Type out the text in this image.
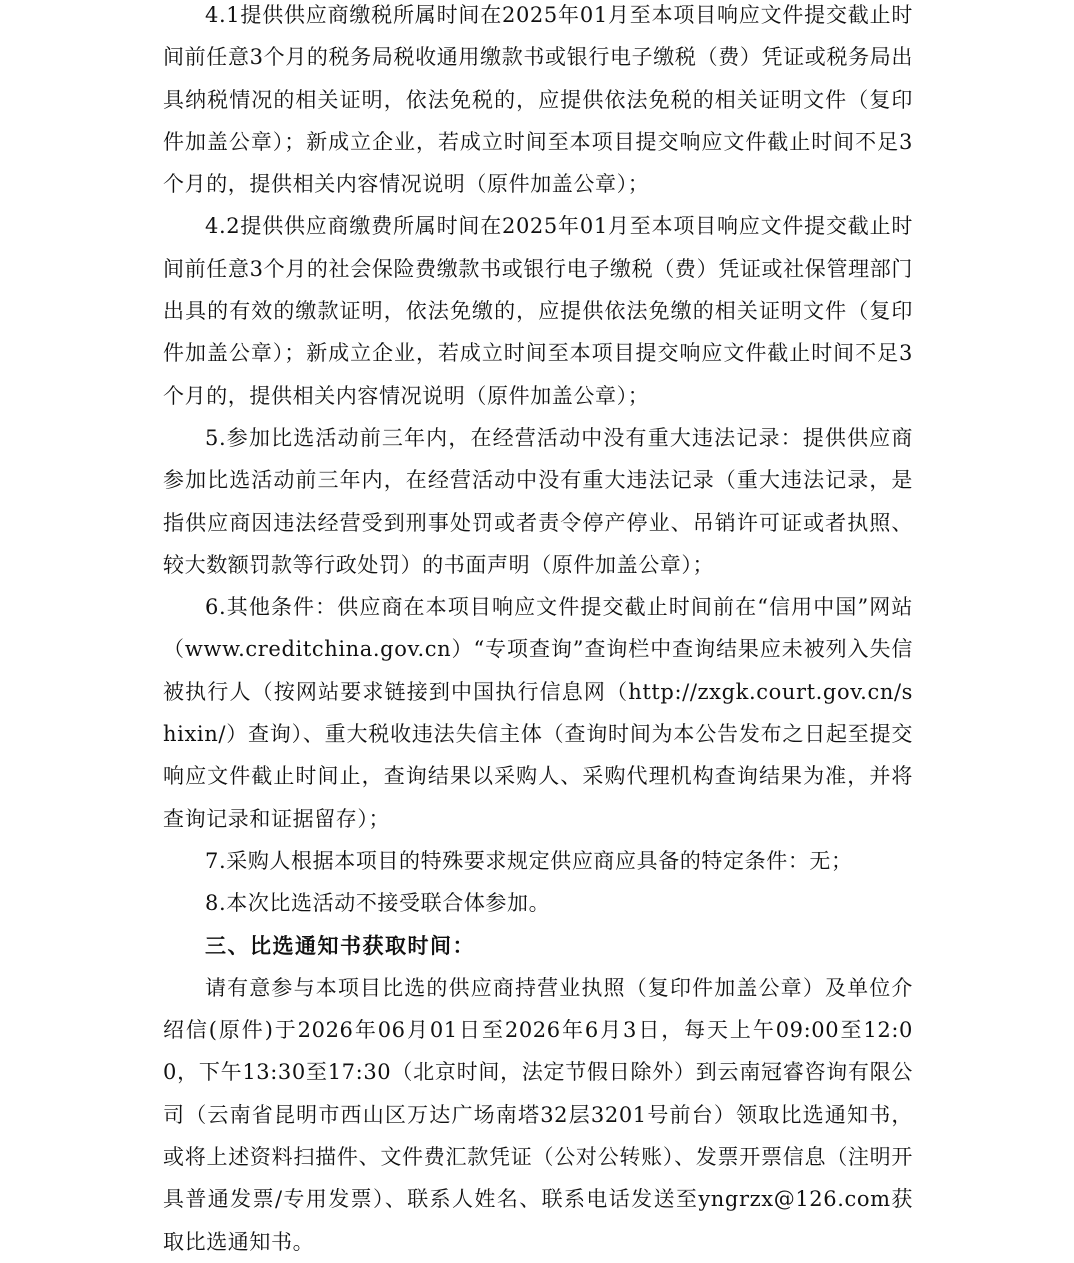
4.1提供供应商缴税所属时间在2025年01月至本项目响应文件提交截止时间前任意3个月的税务局税收通用缴款书或银行电子缴税（费）凭证或税务局出具纳税情况的相关证明，依法免税的，应提供依法免税的相关证明文件（复印件加盖公章）；新成立企业，若成立时间至本项目提交响应文件截止时间不足3个月的，提供相关内容情况说明（原件加盖公章）；

4.2提供供应商缴费所属时间在2025年01月至本项目响应文件提交截止时间前任意3个月的社会保险费缴款书或银行电子缴税（费）凭证或社保管理部门出具的有效的缴款证明，依法免缴的，应提供依法免缴的相关证明文件（复印件加盖公章）；新成立企业，若成立时间至本项目提交响应文件截止时间不足3个月的，提供相关内容情况说明（原件加盖公章）；

5.参加比选活动前三年内，在经营活动中没有重大违法记录：提供供应商参加比选活动前三年内，在经营活动中没有重大违法记录（重大违法记录，是指供应商因违法经营受到刑事处罚或者责令停产停业、吊销许可证或者执照、较大数额罚款等行政处罚）的书面声明（原件加盖公章）；

6.其他条件：供应商在本项目响应文件提交截止时间前在“信用中国”网站（www.creditchina.gov.cn）“专项查询”查询栏中查询结果应未被列入失信被执行人（按网站要求链接到中国执行信息网（http://zxgk.court.gov.cn/shixin/）查询）、重大税收违法失信主体（查询时间为本公告发布之日起至提交响应文件截止时间止，查询结果以采购人、采购代理机构查询结果为准，并将查询记录和证据留存）；

7.采购人根据本项目的特殊要求规定供应商应具备的特定条件：无；

8.本次比选活动不接受联合体参加。

三、比选通知书获取时间：

请有意参与本项目比选的供应商持营业执照（复印件加盖公章）及单位介绍信(原件)于2026年06月01日至2026年6月3日，每天上午09:00至12:00，下午13:30至17:30（北京时间，法定节假日除外）到云南冠睿咨询有限公司（云南省昆明市西山区万达广场南塔32层3201号前台）领取比选通知书，或将上述资料扫描件、文件费汇款凭证（公对公转账）、发票开票信息（注明开具普通发票/专用发票）、联系人姓名、联系电话发送至yngrzx@126.com获取比选通知书。
